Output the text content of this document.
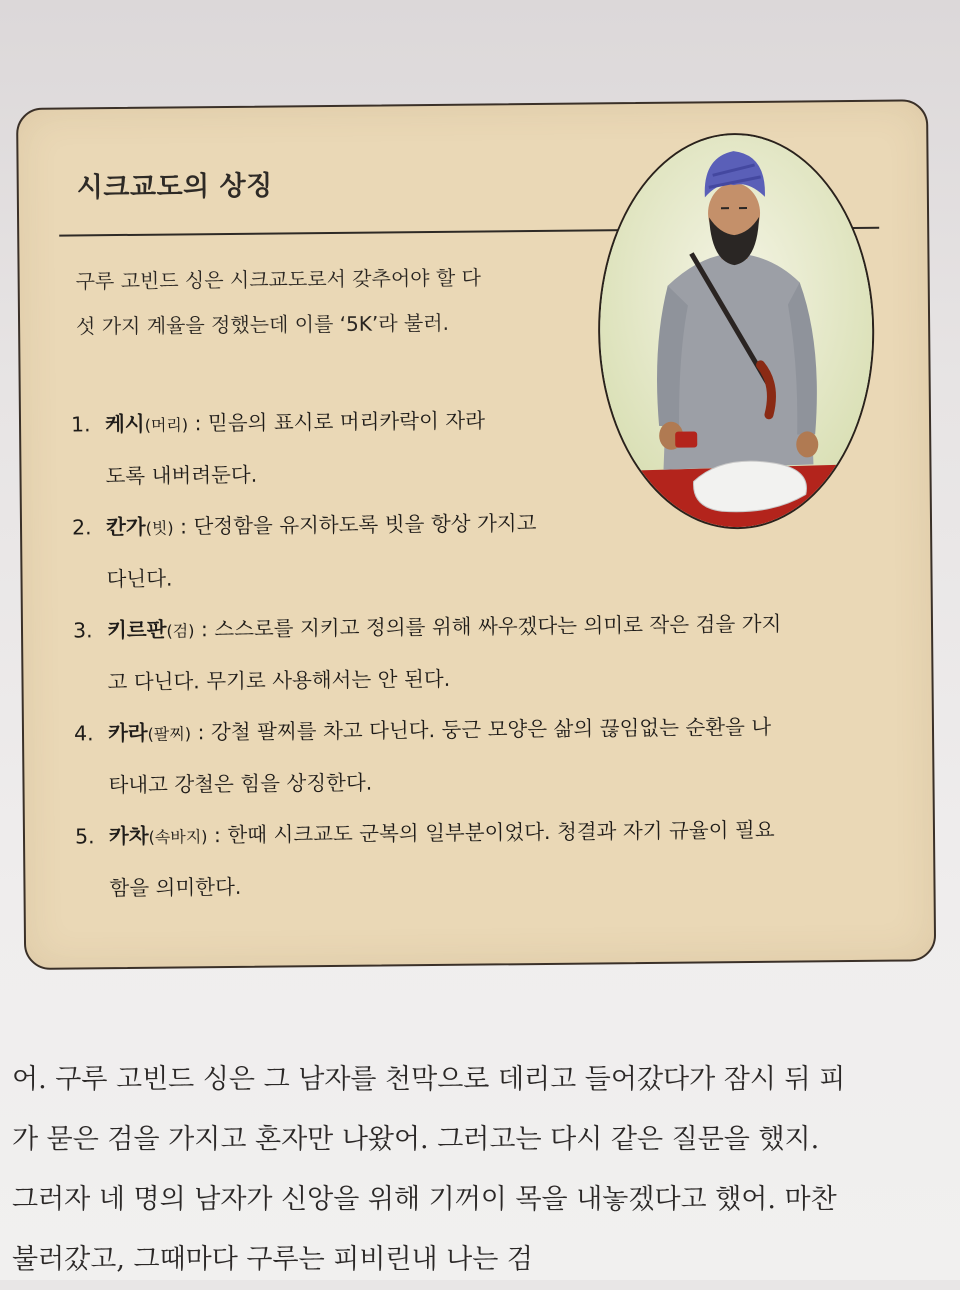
시크교도의 상징
구루 고빈드 싱은 시크교도로서 갖추어야 할 다
섯 가지 계율을 정했는데 이를 ‘5K’라 불러.
1. 케시(머리) : 믿음의 표시로 머리카락이 자라
도록 내버려둔다.
2. 칸가(빗) : 단정함을 유지하도록 빗을 항상 가지고
다닌다.
3. 키르판(검) : 스스로를 지키고 정의를 위해 싸우겠다는 의미로 작은 검을 가지
고 다닌다. 무기로 사용해서는 안 된다.
4. 카라(팔찌) : 강철 팔찌를 차고 다닌다. 둥근 모양은 삶의 끊임없는 순환을 나
타내고 강철은 힘을 상징한다.
5. 카차(속바지) : 한때 시크교도 군복의 일부분이었다. 청결과 자기 규율이 필요
함을 의미한다.
어. 구루 고빈드 싱은 그 남자를 천막으로 데리고 들어갔다가 잠시 뒤 피
가 묻은 검을 가지고 혼자만 나왔어. 그러고는 다시 같은 질문을 했지.
그러자 네 명의 남자가 신앙을 위해 기꺼이 목을 내놓겠다고 했어. 마찬
불러갔고, 그때마다 구루는 피비린내 나는 검
